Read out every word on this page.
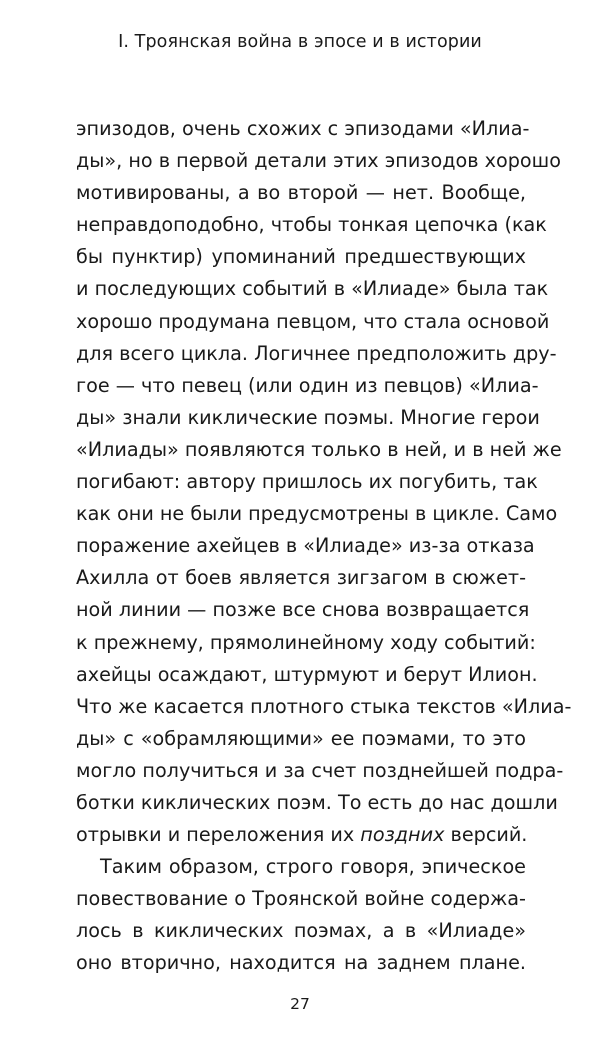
I. Троянская война в эпосе и в истории
эпизодов, очень схожих с эпизодами «Илиа-
ды», но в первой детали этих эпизодов хорошо
мотивированы, а во второй — нет. Вообще,
неправдоподобно, чтобы тонкая цепочка (как
бы пунктир) упоминаний предшествующих
и последующих событий в «Илиаде» была так
хорошо продумана певцом, что стала основой
для всего цикла. Логичнее предположить дру-
гое — что певец (или один из певцов) «Илиа-
ды» знали киклические поэмы. Многие герои
«Илиады» появляются только в ней, и в ней же
погибают: автору пришлось их погубить, так
как они не были предусмотрены в цикле. Само
поражение ахейцев в «Илиаде» из-за отказа
Ахилла от боев является зигзагом в сюжет-
ной линии — позже все снова возвращается
к прежнему, прямолинейному ходу событий:
ахейцы осаждают, штурмуют и берут Илион.
Что же касается плотного стыка текстов «Илиа-
ды» с «обрамляющими» ее поэмами, то это
могло получиться и за счет позднейшей подра-
ботки киклических поэм. То есть до нас дошли
отрывки и переложения их поздних версий.
Таким образом, строго говоря, эпическое
повествование о Троянской войне содержа-
лось в киклических поэмах, а в «Илиаде»
оно вторично, находится на заднем плане.
27
